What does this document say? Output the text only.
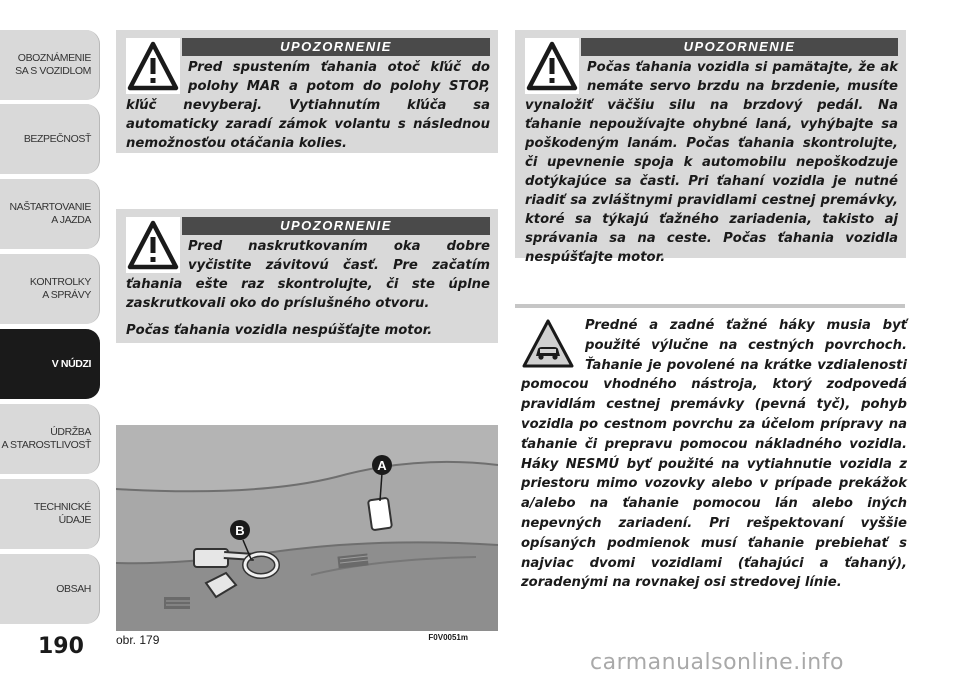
OBOZNÁMENIE
SA S VOZIDLOM
BEZPEČNOSŤ
NAŠTARTOVANIE
A JAZDA
KONTROLKY
A SPRÁVY
V NÚDZI
ÚDRŽBA
A STAROSTLIVOSŤ
TECHNICKÉ
ÚDAJE
OBSAH
190
UPOZORNENIE

Pred spustením ťahania otoč kľúč do polohy MAR a potom do polohy STOP, kľúč nevyberaj. Vytiahnutím kľúča sa automaticky zaradí zámok volantu s následnou nemožnosťou otáčania kolies.

UPOZORNENIE

Pred naskrutkovaním oka dobre vyčistite závitovú časť. Pre začatím ťahania ešte raz skontrolujte, či ste úplne zaskrutkovali oko do príslušného otvoru.

Počas ťahania vozidla nespúšťajte motor.

UPOZORNENIE

Počas ťahania vozidla si pamätajte, že ak nemáte servo brzdu na brzdenie, musíte vynaložiť väčšiu silu na brzdový pedál. Na ťahanie nepoužívajte ohybné laná, vyhýbajte sa poškodeným lanám. Počas ťahania skontrolujte, či upevnenie spoja k automobilu nepoškodzuje dotýkajúce sa časti. Pri ťahaní vozidla je nutné riadiť sa zvláštnymi pravidlami cestnej premávky, ktoré sa týkajú ťažného zariadenia, takisto aj správania sa na ceste. Počas ťahania vozidla nespúšťajte motor.

Predné a zadné ťažné háky musia byť použité výlučne na cestných povrchoch. Ťahanie je povolené na krátke vzdialenosti pomocou vhodného nástroja, ktorý zodpovedá pravidlám cestnej premávky (pevná tyč), pohyb vozidla po cestnom povrchu za účelom prípravy na ťahanie či prepravu pomocou nákladného vozidla. Háky NESMÚ byť použité na vytiahnutie vozidla z priestoru mimo vozovky alebo v prípade prekážok a/alebo na ťahanie pomocou lán alebo iných nepevných zariadení. Pri rešpektovaní vyššie opísaných podmienok musí ťahanie prebiehať s najviac dvomi vozidlami (ťahajúci a ťahaný), zoradenými na rovnakej osi stredovej línie.
A
B
obr. 179	F0V0051m
carmanualsonline.info
